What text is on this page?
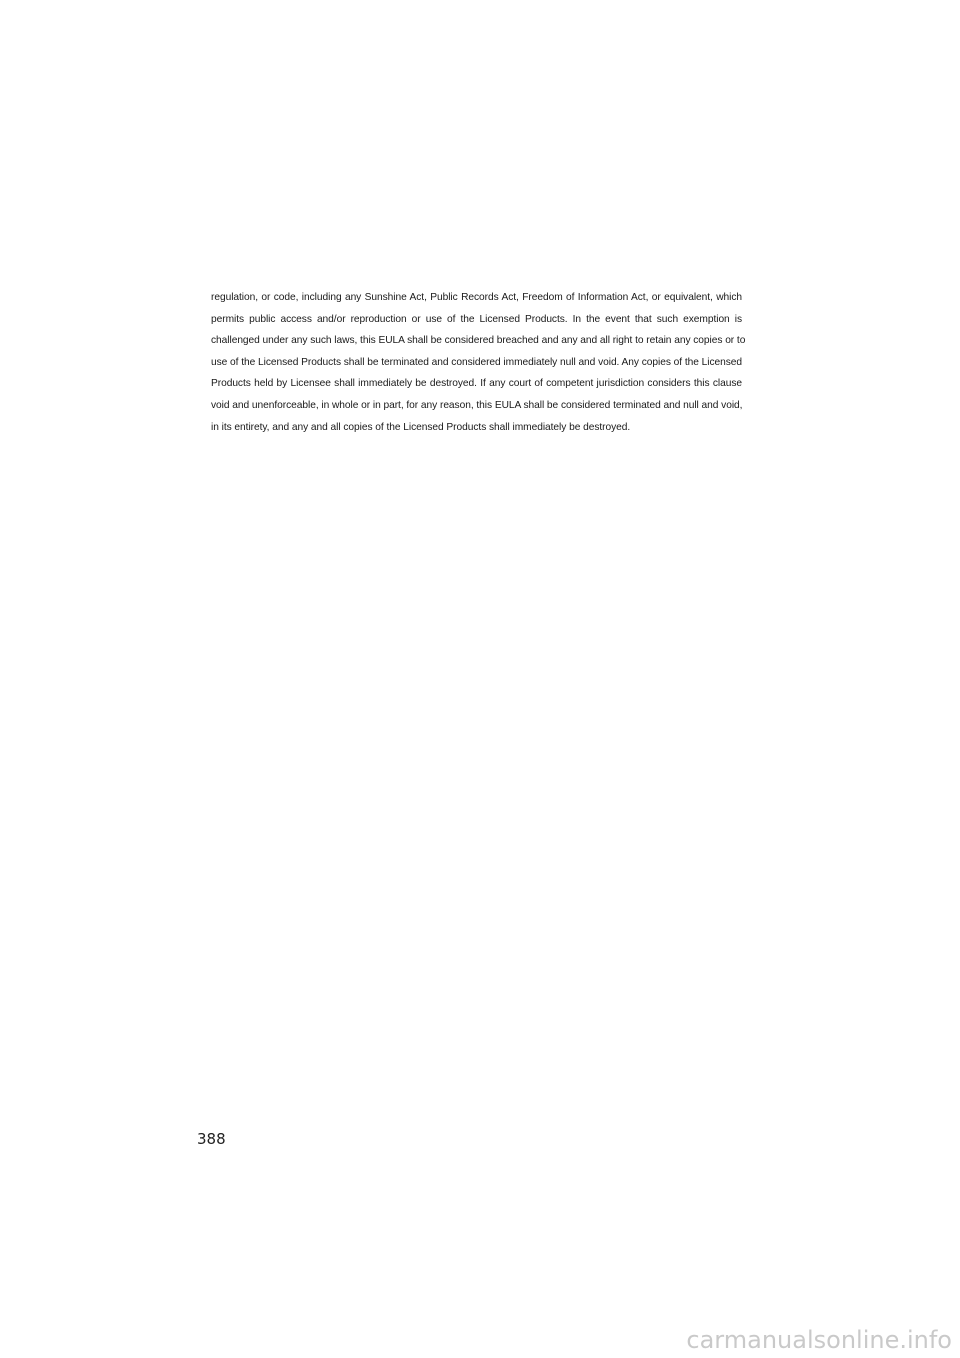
regulation, or code, including any Sunshine Act, Public Records Act, Freedom of Information Act, or equivalent, which
permits public access and/or reproduction or use of the Licensed Products. In the event that such exemption is
challenged under any such laws, this EULA shall be considered breached and any and all right to retain any copies or to
use of the Licensed Products shall be terminated and considered immediately null and void. Any copies of the Licensed
Products held by Licensee shall immediately be destroyed. If any court of competent jurisdiction considers this clause
void and unenforceable, in whole or in part, for any reason, this EULA shall be considered terminated and null and void,
in its entirety, and any and all copies of the Licensed Products shall immediately be destroyed.
388
carmanualsonline.info
